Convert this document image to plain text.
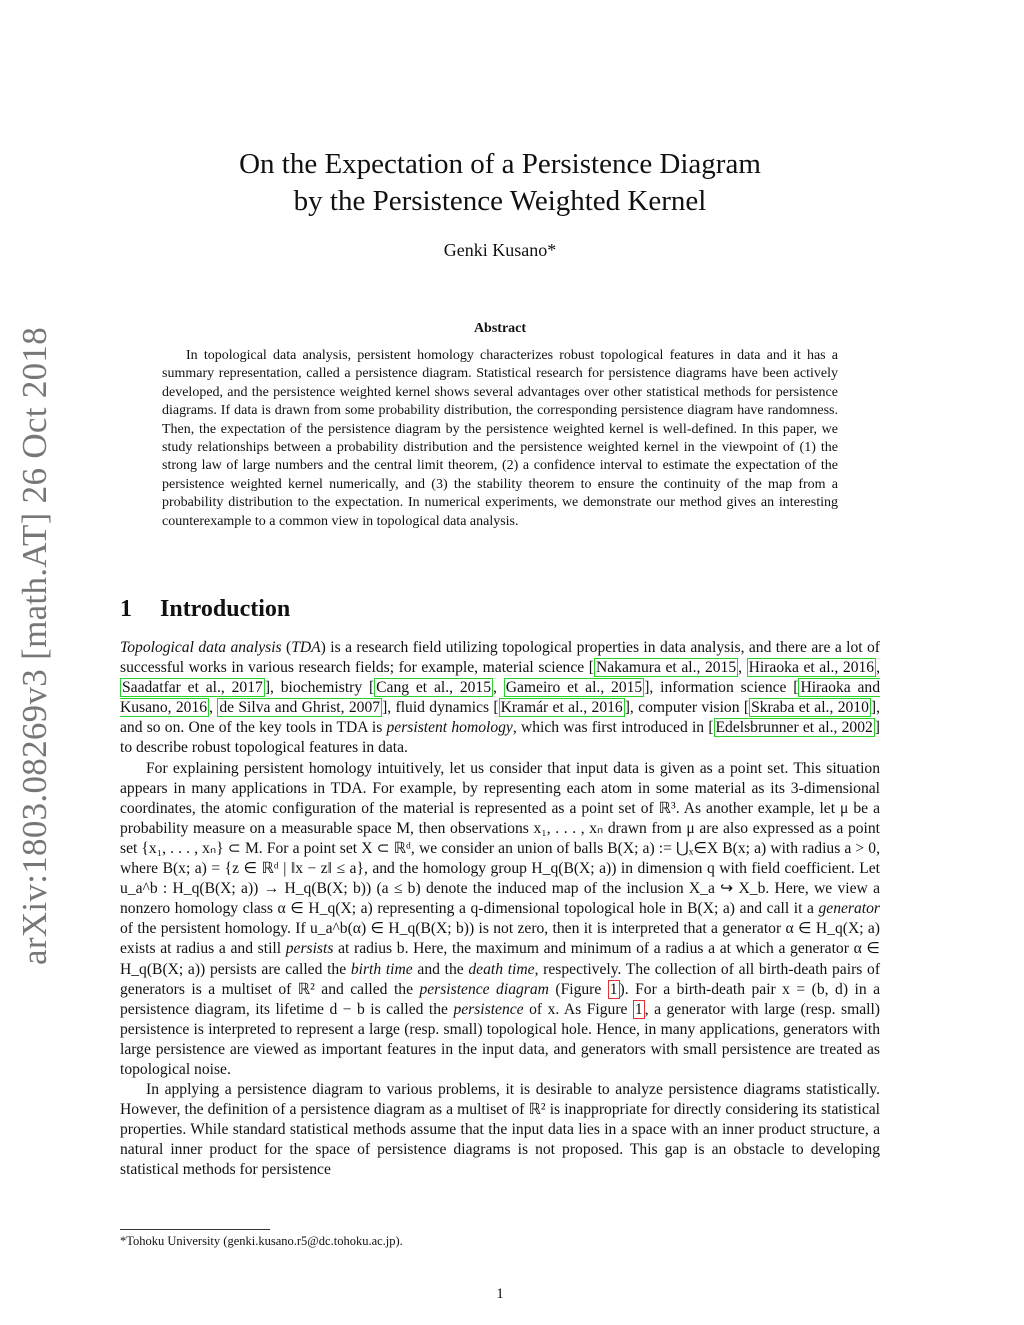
arXiv:1803.08269v3 [math.AT] 26 Oct 2018
On the Expectation of a Persistence Diagram
by the Persistence Weighted Kernel
Genki Kusano*
Abstract
In topological data analysis, persistent homology characterizes robust topological features in data and it has a summary representation, called a persistence diagram. Statistical research for persistence diagrams have been actively developed, and the persistence weighted kernel shows several advantages over other statistical methods for persistence diagrams. If data is drawn from some probability distribution, the corresponding persistence diagram have randomness. Then, the expectation of the persistence diagram by the persistence weighted kernel is well-defined. In this paper, we study relationships between a probability distribution and the persistence weighted kernel in the viewpoint of (1) the strong law of large numbers and the central limit theorem, (2) a confidence interval to estimate the expectation of the persistence weighted kernel numerically, and (3) the stability theorem to ensure the continuity of the map from a probability distribution to the expectation. In numerical experiments, we demonstrate our method gives an interesting counterexample to a common view in topological data analysis.
1 Introduction

Topological data analysis (TDA) is a research field utilizing topological properties in data analysis, and there are a lot of successful works in various research fields; for example, material science [ Nakamura et al., 2015 , Hiraoka et al., 2016 , Saadatfar et al., 2017 ], biochemistry [ Cang et al., 2015 , Gameiro et al., 2015 ], information science [ Hiraoka and Kusano, 2016 , de Silva and Ghrist, 2007 ], fluid dynamics [ Kramár et al., 2016 ], computer vision [ Skraba et al., 2010 ], and so on. One of the key tools in TDA is persistent homology, which was first introduced in [ Edelsbrunner et al., 2002 ] to describe robust topological features in data.

For explaining persistent homology intuitively, let us consider that input data is given as a point set. This situation appears in many applications in TDA. For example, by representing each atom in some material as its 3-dimensional coordinates, the atomic configuration of the material is represented as a point set of ℝ³. As another example, let μ be a probability measure on a measurable space M, then observations x₁, . . . , xₙ drawn from μ are also expressed as a point set {x₁, . . . , xₙ} ⊂ M. For a point set X ⊂ ℝᵈ, we consider an union of balls B(X; a) := ⋃ₓ∈X B(x; a) with radius a > 0, where B(x; a) = {z ∈ ℝᵈ | ‖x − z‖ ≤ a}, and the homology group H_q(B(X; a)) in dimension q with field coefficient. Let u_a^b : H_q(B(X; a)) → H_q(B(X; b)) (a ≤ b) denote the induced map of the inclusion X_a ↪ X_b. Here, we view a nonzero homology class α ∈ H_q(X; a) representing a q-dimensional topological hole in B(X; a) and call it a generator of the persistent homology. If u_a^b(α) ∈ H_q(B(X; b)) is not zero, then it is interpreted that a generator α ∈ H_q(X; a) exists at radius a and still persists at radius b. Here, the maximum and minimum of a radius a at which a generator α ∈ H_q(B(X; a)) persists are called the birth time and the death time, respectively. The collection of all birth-death pairs of generators is a multiset of ℝ² and called the persistence diagram (Figure 1 ). For a birth-death pair x = (b, d) in a persistence diagram, its lifetime d − b is called the persistence of x. As Figure 1 , a generator with large (resp. small) persistence is interpreted to represent a large (resp. small) topological hole. Hence, in many applications, generators with large persistence are viewed as important features in the input data, and generators with small persistence are treated as topological noise.

In applying a persistence diagram to various problems, it is desirable to analyze persistence diagrams statistically. However, the definition of a persistence diagram as a multiset of ℝ² is inappropriate for directly considering its statistical properties. While standard statistical methods assume that the input data lies in a space with an inner product structure, a natural inner product for the space of persistence diagrams is not proposed. This gap is an obstacle to developing statistical methods for persistence

*Tohoku University (genki.kusano.r5@dc.tohoku.ac.jp).
1
